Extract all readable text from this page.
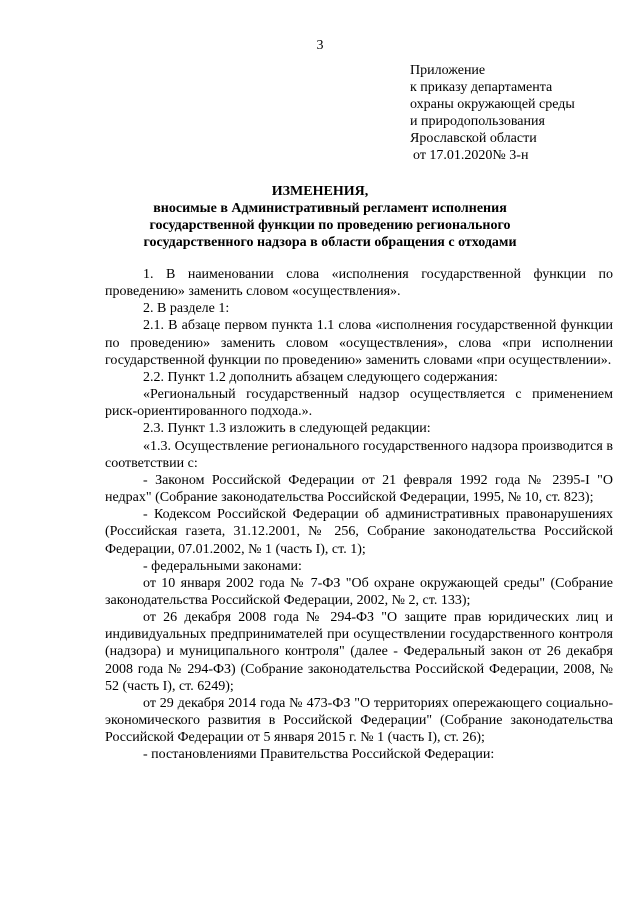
3
Приложение
к приказу департамента
охраны окружающей среды
и природопользования
Ярославской области
от 17.01.2020№ 3-н
ИЗМЕНЕНИЯ,
вносимые в Административный регламент исполнения государственной функции по проведению регионального государственного надзора в области обращения с отходами

1. В наименовании слова «исполнения государственной функции по проведению» заменить словом «осуществления».

2. В разделе 1:

2.1. В абзаце первом пункта 1.1 слова «исполнения государственной функции по проведению» заменить словом «осуществления», слова «при исполнении государственной функции по проведению» заменить словами «при осуществлении».

2.2. Пункт 1.2 дополнить абзацем следующего содержания:

«Региональный государственный надзор осуществляется с применением риск-ориентированного подхода.».

2.3. Пункт 1.3 изложить в следующей редакции:

«1.3. Осуществление регионального государственного надзора производится в соответствии с:

- Законом Российской Федерации от 21 февраля 1992 года № 2395-I "О недрах" (Собрание законодательства Российской Федерации, 1995, № 10, ст. 823);

- Кодексом Российской Федерации об административных правонарушениях (Российская газета, 31.12.2001, № 256, Собрание законодательства Российской Федерации, 07.01.2002, № 1 (часть I), ст. 1);

- федеральными законами:

от 10 января 2002 года № 7-ФЗ "Об охране окружающей среды" (Собрание законодательства Российской Федерации, 2002, № 2, ст. 133);

от 26 декабря 2008 года № 294-ФЗ "О защите прав юридических лиц и индивидуальных предпринимателей при осуществлении государственного контроля (надзора) и муниципального контроля" (далее - Федеральный закон от 26 декабря 2008 года № 294-ФЗ) (Собрание законодательства Российской Федерации, 2008, № 52 (часть I), ст. 6249);

от 29 декабря 2014 года № 473-ФЗ "О территориях опережающего социально-экономического развития в Российской Федерации" (Собрание законодательства Российской Федерации от 5 января 2015 г. № 1 (часть I), ст. 26);

- постановлениями Правительства Российской Федерации:
